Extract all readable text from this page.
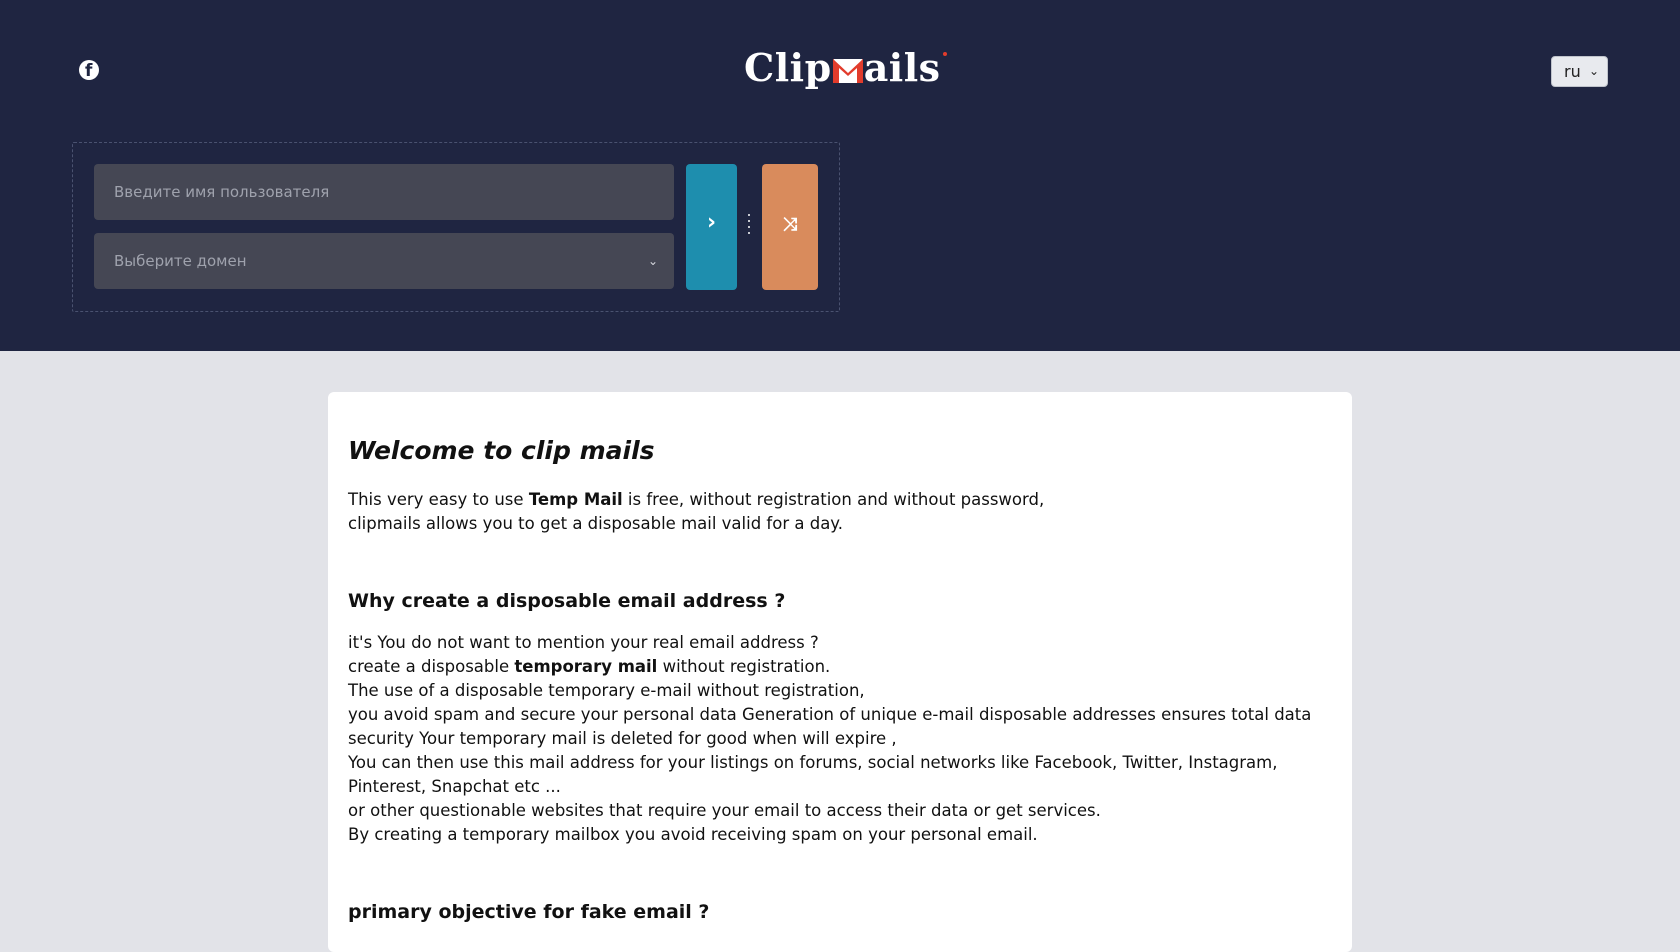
f	Clip ails	ru ⌄
Введите имя пользователя
Выберите домен	⌄
›	⤨
Welcome to clip mails

This very easy to use Temp Mail is free, without registration and without password,

clipmails allows you to get a disposable mail valid for a day.

Why create a disposable email address ?

it's You do not want to mention your real email address ?

create a disposable temporary mail without registration.

The use of a disposable temporary e-mail without registration,

you avoid spam and secure your personal data Generation of unique e-mail disposable addresses ensures total data security Your temporary mail is deleted for good when will expire ,

You can then use this mail address for your listings on forums, social networks like Facebook, Twitter, Instagram, Pinterest, Snapchat etc ...

or other questionable websites that require your email to access their data or get services.

By creating a temporary mailbox you avoid receiving spam on your personal email.

primary objective for fake email ?
